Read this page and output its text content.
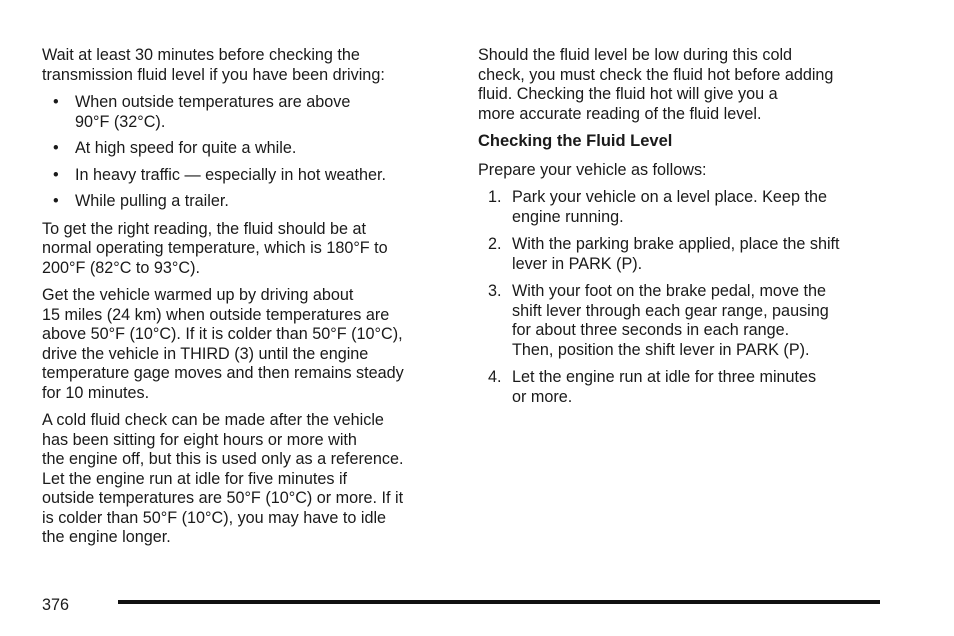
Wait at least 30 minutes before checking the
transmission fluid level if you have been driving:

• When outside temperatures are above
90°F (32°C).
• At high speed for quite a while.
• In heavy traffic — especially in hot weather.
• While pulling a trailer.

To get the right reading, the fluid should be at
normal operating temperature, which is 180°F to
200°F (82°C to 93°C).

Get the vehicle warmed up by driving about
15 miles (24 km) when outside temperatures are
above 50°F (10°C). If it is colder than 50°F (10°C),
drive the vehicle in THIRD (3) until the engine
temperature gage moves and then remains steady
for 10 minutes.

A cold fluid check can be made after the vehicle
has been sitting for eight hours or more with
the engine off, but this is used only as a reference.
Let the engine run at idle for five minutes if
outside temperatures are 50°F (10°C) or more. If it
is colder than 50°F (10°C), you may have to idle
the engine longer.

Should the fluid level be low during this cold
check, you must check the fluid hot before adding
fluid. Checking the fluid hot will give you a
more accurate reading of the fluid level.

Checking the Fluid Level

Prepare your vehicle as follows:

1. Park your vehicle on a level place. Keep the
engine running.
2. With the parking brake applied, place the shift
lever in PARK (P).
3. With your foot on the brake pedal, move the
shift lever through each gear range, pausing
for about three seconds in each range.
Then, position the shift lever in PARK (P).
4. Let the engine run at idle for three minutes
or more.
376
